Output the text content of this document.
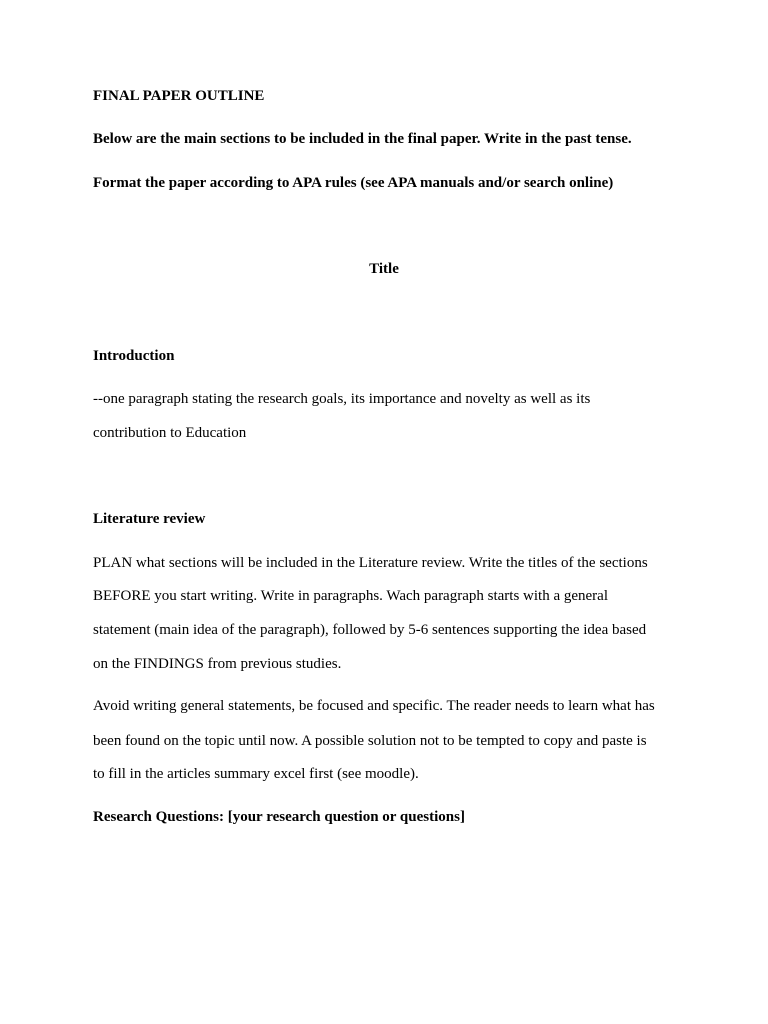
FINAL PAPER OUTLINE

Below are the main sections to be included in the final paper. Write in the past tense.

Format the paper according to APA rules (see APA manuals and/or search online)

Title

Introduction

--one paragraph stating the research goals, its importance and novelty as well as its

contribution to Education

Literature review

PLAN what sections will be included in the Literature review. Write the titles of the sections

BEFORE you start writing. Write in paragraphs. Wach paragraph starts with a general

statement (main idea of the paragraph), followed by 5-6 sentences supporting the idea based

on the FINDINGS from previous studies.

Avoid writing general statements, be focused and specific. The reader needs to learn what has

been found on the topic until now. A possible solution not to be tempted to copy and paste is

to fill in the articles summary excel first (see moodle).

Research Questions: [your research question or questions]
